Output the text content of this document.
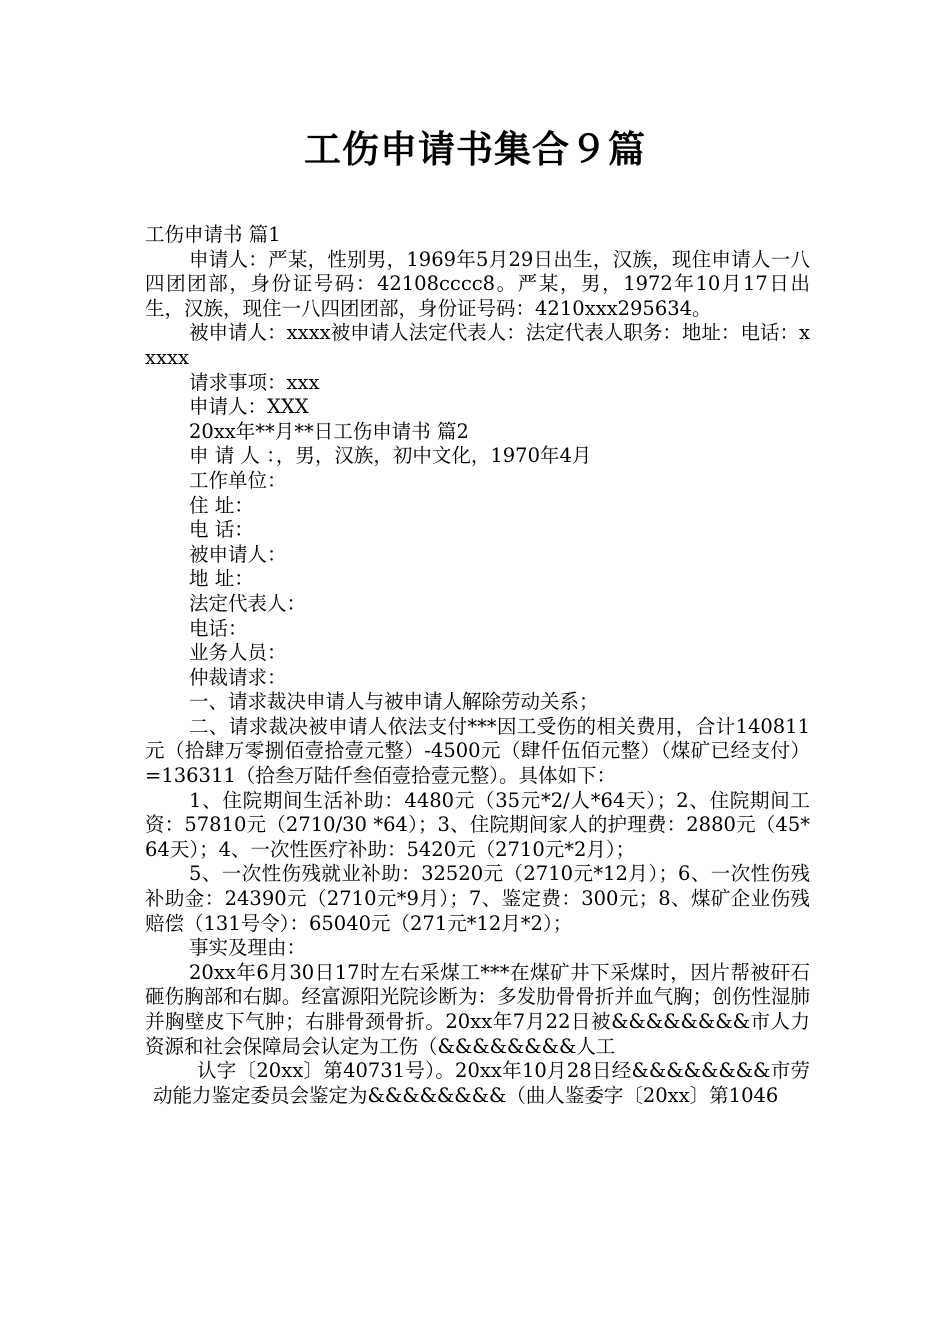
工伤申请书集合９篇

工伤申请书 篇1

申请人：严某，性别男，1969年5月29日出生，汉族，现住申请人一八四团团部，身份证号码：42108cccc8。严某，男，1972年10月17日出生，汉族，现住一八四团团部，身份证号码：4210xxx295634。

被申请人：xxxx被申请人法定代表人：法定代表人职务：地址：电话：xxxxx

请求事项：xxx

申请人：XXX

20xx年**月**日工伤申请书 篇2

申 请 人 ：，男，汉族，初中文化，1970年4月

工作单位：

住 址：

电 话：

被申请人：

地 址：

法定代表人：

电话：

业务人员：

仲裁请求：

一、请求裁决申请人与被申请人解除劳动关系；

二、请求裁决被申请人依法支付***因工受伤的相关费用，合计140811元（拾肆万零捌佰壹拾壹元整）-4500元（肆仟伍佰元整）（煤矿已经支付）=136311（拾叁万陆仟叁佰壹拾壹元整）。具体如下：

1、住院期间生活补助：4480元（35元*2/人*64天）；2、住院期间工资：57810元（2710/30 *64）；3、住院期间家人的护理费：2880元（45*64天）；4、一次性医疗补助：5420元（2710元*2月）；

5、一次性伤残就业补助：32520元（2710元*12月）；6、一次性伤残补助金：24390元（2710元*9月）；7、鉴定费：300元；8、煤矿企业伤残赔偿（131号令）：65040元（271元*12月*2）；

事实及理由：

20xx年6月30日17时左右采煤工***在煤矿井下采煤时，因片帮被矸石砸伤胸部和右脚。经富源阳光院诊断为：多发肋骨骨折并血气胸；创伤性湿肺并胸壁皮下气肿；右腓骨颈骨折。20xx年7月22日被&&&&&&&&市人力资源和社会保障局会认定为工伤（&&&&&&&&人工

认字〔20xx〕第40731号）。20xx年10月28日经&&&&&&&&市劳动能力鉴定委员会鉴定为&&&&&&&&（曲人鉴委字〔20xx〕第1046
